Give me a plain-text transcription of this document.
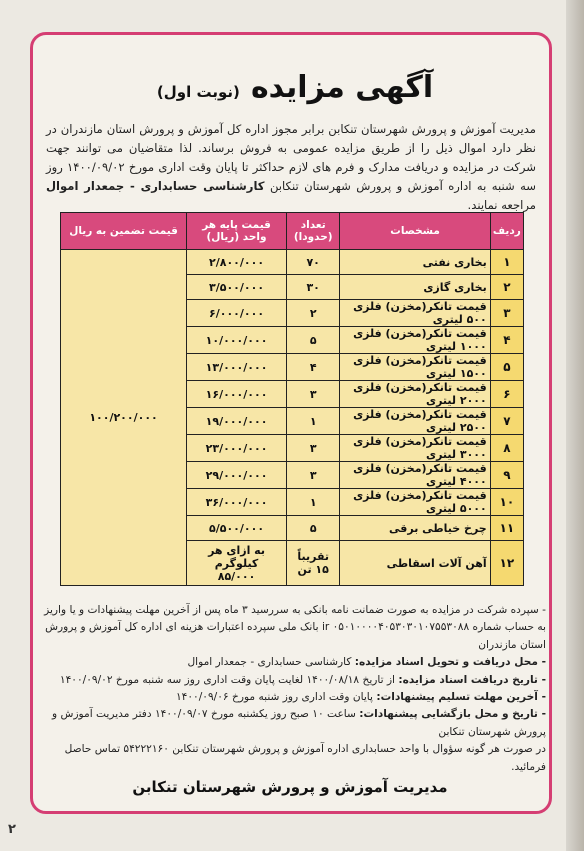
آگهی مزایده (نوبت اول)
مدیریت آموزش و پرورش شهرستان تنکابن برابر مجوز اداره کل آموزش و پرورش استان مازندران در نظر دارد اموال ذیل را از طریق مزایده عمومی به فروش برساند. لذا متقاضیان می توانند جهت شرکت در مزایده و دریافت مدارک و فرم های لازم حداکثر تا پایان وقت اداری مورخ ۱۴۰۰/۰۹/۰۲ روز سه شنبه به اداره آموزش و پرورش شهرستان تنکابن کارشناسی حسابداری - جمعدار اموال مراجعه نمایند.
ردیف	مشخصات	تعداد (حدودا)	قیمت پایه هر واحد (ریال)	قیمت تضمین به ریال
۱	بخاری نفتی	۷۰	۲/۸۰۰/۰۰۰	۱۰۰/۲۰۰/۰۰۰
۲	بخاری گازی	۳۰	۳/۵۰۰/۰۰۰	
۳	قیمت تانکر(مخزن) فلزی ۵۰۰ لیتری	۲	۶/۰۰۰/۰۰۰	
۴	قیمت تانکر(مخزن) فلزی ۱۰۰۰ لیتری	۵	۱۰/۰۰۰/۰۰۰	
۵	قیمت تانکر(مخزن) فلزی ۱۵۰۰ لیتری	۴	۱۳/۰۰۰/۰۰۰	
۶	قیمت تانکر(مخزن) فلزی ۲۰۰۰ لیتری	۳	۱۶/۰۰۰/۰۰۰	
۷	قیمت تانکر(مخزن) فلزی ۲۵۰۰ لیتری	۱	۱۹/۰۰۰/۰۰۰	
۸	قیمت تانکر(مخزن) فلزی ۳۰۰۰ لیتری	۳	۲۳/۰۰۰/۰۰۰	
۹	قیمت تانکر(مخزن) فلزی ۴۰۰۰ لیتری	۳	۲۹/۰۰۰/۰۰۰	
۱۰	قیمت تانکر(مخزن) فلزی ۵۰۰۰ لیتری	۱	۳۶/۰۰۰/۰۰۰	
۱۱	چرخ خیاطی برقی	۵	۵/۵۰۰/۰۰۰	
۱۲	آهن آلات اسقاطی	تقریباً ۱۵ تن	به ازای هر کیلوگرم
۸۵/۰۰۰	

- سپرده شرکت در مزایده به صورت ضمانت نامه بانکی به سررسید ۳ ماه پس از آخرین مهلت پیشنهادات و یا واریز به حساب شماره ir ۰۵۰۱۰۰۰۰۴۰۵۳۰۳۰۱۰۷۵۵۳۰۸۸ بانک ملی سپرده اعتبارات هزینه ای اداره کل آموزش و پرورش استان مازندران

- محل دریافت و تحویل اسناد مزایده: کارشناسی حسابداری - جمعدار اموال

- تاریخ دریافت اسناد مزایده: از تاریخ ۱۴۰۰/۰۸/۱۸ لغایت پایان وقت اداری روز سه شنبه مورخ ۱۴۰۰/۰۹/۰۲

- آخرین مهلت تسلیم پیشنهادات: پایان وقت اداری روز شنبه مورخ ۱۴۰۰/۰۹/۰۶

- تاریخ و محل بازگشایی پیشنهادات: ساعت ۱۰ صبح روز یکشنبه مورخ ۱۴۰۰/۰۹/۰۷ دفتر مدیریت آموزش و پرورش شهرستان تنکابن

در صورت هر گونه سؤوال با واحد حسابداری اداره آموزش و پرورش شهرستان تنکابن ۵۴۲۲۲۱۶۰ تماس حاصل فرمائید.

مدیریت آموزش و پرورش شهرستان تنکابن
۲
